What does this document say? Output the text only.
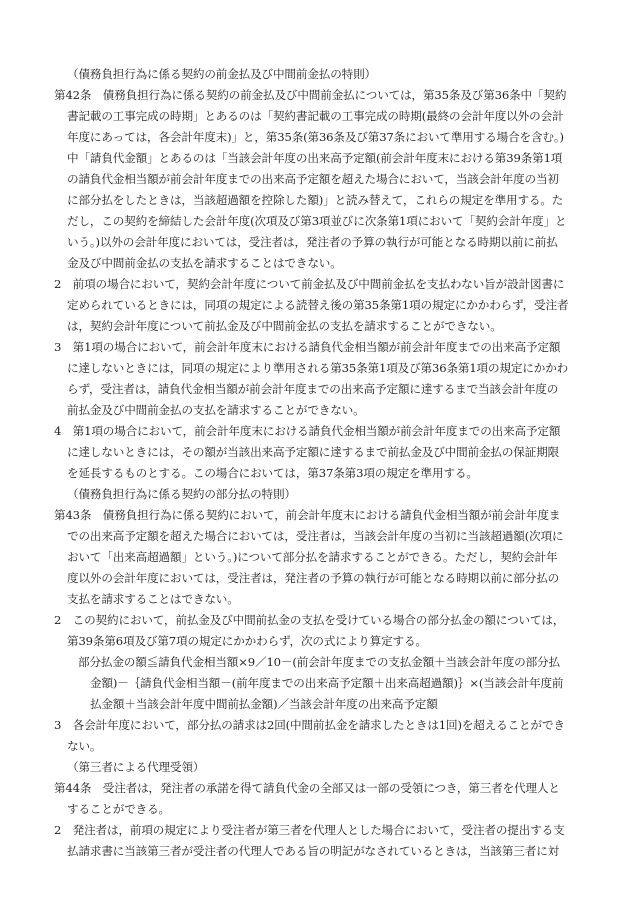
（債務負担行為に係る契約の前金払及び中間前金払の特則）
第42条　債務負担行為に係る契約の前金払及び中間前金払については，第35条及び第36条中「契約
書記載の工事完成の時期」とあるのは「契約書記載の工事完成の時期(最終の会計年度以外の会計
年度にあっては，各会計年度末)」と，第35条(第36条及び第37条において準用する場合を含む。)
中「請負代金額」とあるのは「当該会計年度の出来高予定額(前会計年度末における第39条第1項
の請負代金相当額が前会計年度までの出来高予定額を超えた場合において，当該会計年度の当初
に部分払をしたときは，当該超過額を控除した額)」と読み替えて，これらの規定を準用する。た
だし，この契約を締結した会計年度(次項及び第3項並びに次条第1項において「契約会計年度」と
いう。)以外の会計年度においては，受注者は，発注者の予算の執行が可能となる時期以前に前払
金及び中間前金払の支払を請求することはできない。
2　前項の場合において，契約会計年度について前金払及び中間前金払を支払わない旨が設計図書に
定められているときには，同項の規定による読替え後の第35条第1項の規定にかかわらず，受注者
は，契約会計年度について前払金及び中間前金払の支払を請求することができない。
3　第1項の場合において，前会計年度末における請負代金相当額が前会計年度までの出来高予定額
に達しないときには，同項の規定により準用される第35条第1項及び第36条第1項の規定にかかわ
らず，受注者は，請負代金相当額が前会計年度までの出来高予定額に達するまで当該会計年度の
前払金及び中間前金払の支払を請求することができない。
4　第1項の場合において，前会計年度末における請負代金相当額が前会計年度までの出来高予定額
に達しないときには，その額が当該出来高予定額に達するまで前払金及び中間前金払の保証期限
を延長するものとする。この場合においては，第37条第3項の規定を準用する。
（債務負担行為に係る契約の部分払の特則）
第43条　債務負担行為に係る契約において，前会計年度末における請負代金相当額が前会計年度ま
での出来高予定額を超えた場合においては，受注者は，当該会計年度の当初に当該超過額(次項に
おいて「出来高超過額」という。)について部分払を請求することができる。ただし，契約会計年
度以外の会計年度においては，受注者は，発注者の予算の執行が可能となる時期以前に部分払の
支払を請求することはできない。
2　この契約において，前払金及び中間前払金の支払を受けている場合の部分払金の額については，
第39条第6項及び第7項の規定にかかわらず，次の式により算定する。
部分払金の額≦請負代金相当額×9／10－(前会計年度までの支払金額＋当該会計年度の部分払
金額)－｛請負代金相当額－(前年度までの出来高予定額＋出来高超過額)｝×(当該会計年度前
払金額＋当該会計年度中間前払金額)／当該会計年度の出来高予定額
3　各会計年度において，部分払の請求は2回(中間前払金を請求したときは1回)を超えることができ
ない。
（第三者による代理受領）
第44条　受注者は，発注者の承諾を得て請負代金の全部又は一部の受領につき，第三者を代理人と
することができる。
2　発注者は，前項の規定により受注者が第三者を代理人とした場合において，受注者の提出する支
払請求書に当該第三者が受注者の代理人である旨の明記がなされているときは，当該第三者に対
